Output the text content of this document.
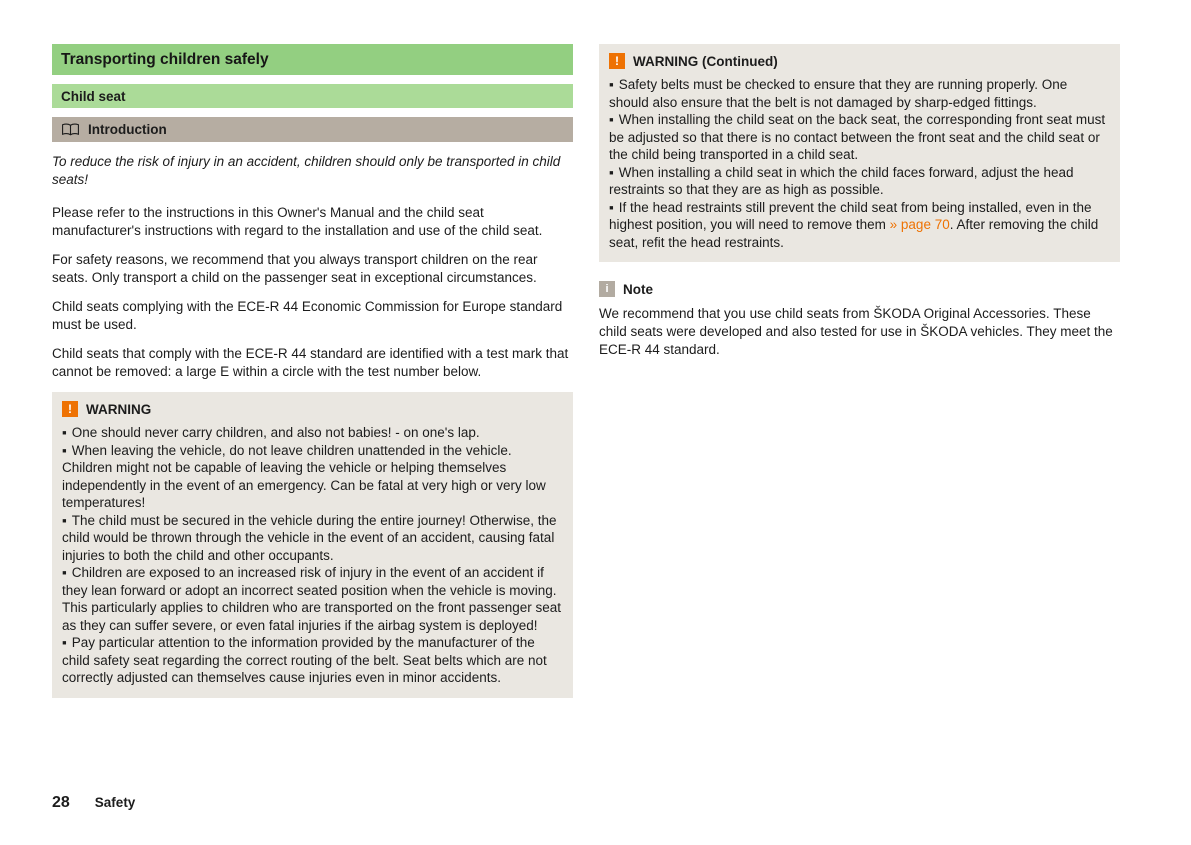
Transporting children safely
Child seat
Introduction

To reduce the risk of injury in an accident, children should only be transported in child seats!

Please refer to the instructions in this Owner's Manual and the child seat manufacturer's instructions with regard to the installation and use of the child seat.

For safety reasons, we recommend that you always transport children on the rear seats. Only transport a child on the passenger seat in exceptional circumstances.

Child seats complying with the ECE-R 44 Economic Commission for Europe standard must be used.

Child seats that comply with the ECE-R 44 standard are identified with a test mark that cannot be removed: a large E within a circle with the test number below.

!	WARNING

▪ One should never carry children, and also not babies! - on one's lap.

▪ When leaving the vehicle, do not leave children unattended in the vehicle. Children might not be capable of leaving the vehicle or helping themselves independently in the event of an emergency. Can be fatal at very high or very low temperatures!

▪ The child must be secured in the vehicle during the entire journey! Otherwise, the child would be thrown through the vehicle in the event of an accident, causing fatal injuries to both the child and other occupants.

▪ Children are exposed to an increased risk of injury in the event of an accident if they lean forward or adopt an incorrect seated position when the vehicle is moving. This particularly applies to children who are transported on the front passenger seat as they can suffer severe, or even fatal injuries if the airbag system is deployed!

▪ Pay particular attention to the information provided by the manufacturer of the child safety seat regarding the correct routing of the belt. Seat belts which are not correctly adjusted can themselves cause injuries even in minor accidents.

!	WARNING (Continued)

▪ Safety belts must be checked to ensure that they are running properly. One should also ensure that the belt is not damaged by sharp-edged fittings.

▪ When installing the child seat on the back seat, the corresponding front seat must be adjusted so that there is no contact between the front seat and the child seat or the child being transported in a child seat.

▪ When installing a child seat in which the child faces forward, adjust the head restraints so that they are as high as possible.

▪ If the head restraints still prevent the child seat from being installed, even in the highest position, you will need to remove them » page 70. After removing the child seat, refit the head restraints.

i	Note

We recommend that you use child seats from ŠKODA Original Accessories. These child seats were developed and also tested for use in ŠKODA vehicles. They meet the ECE-R 44 standard.

28 Safety
